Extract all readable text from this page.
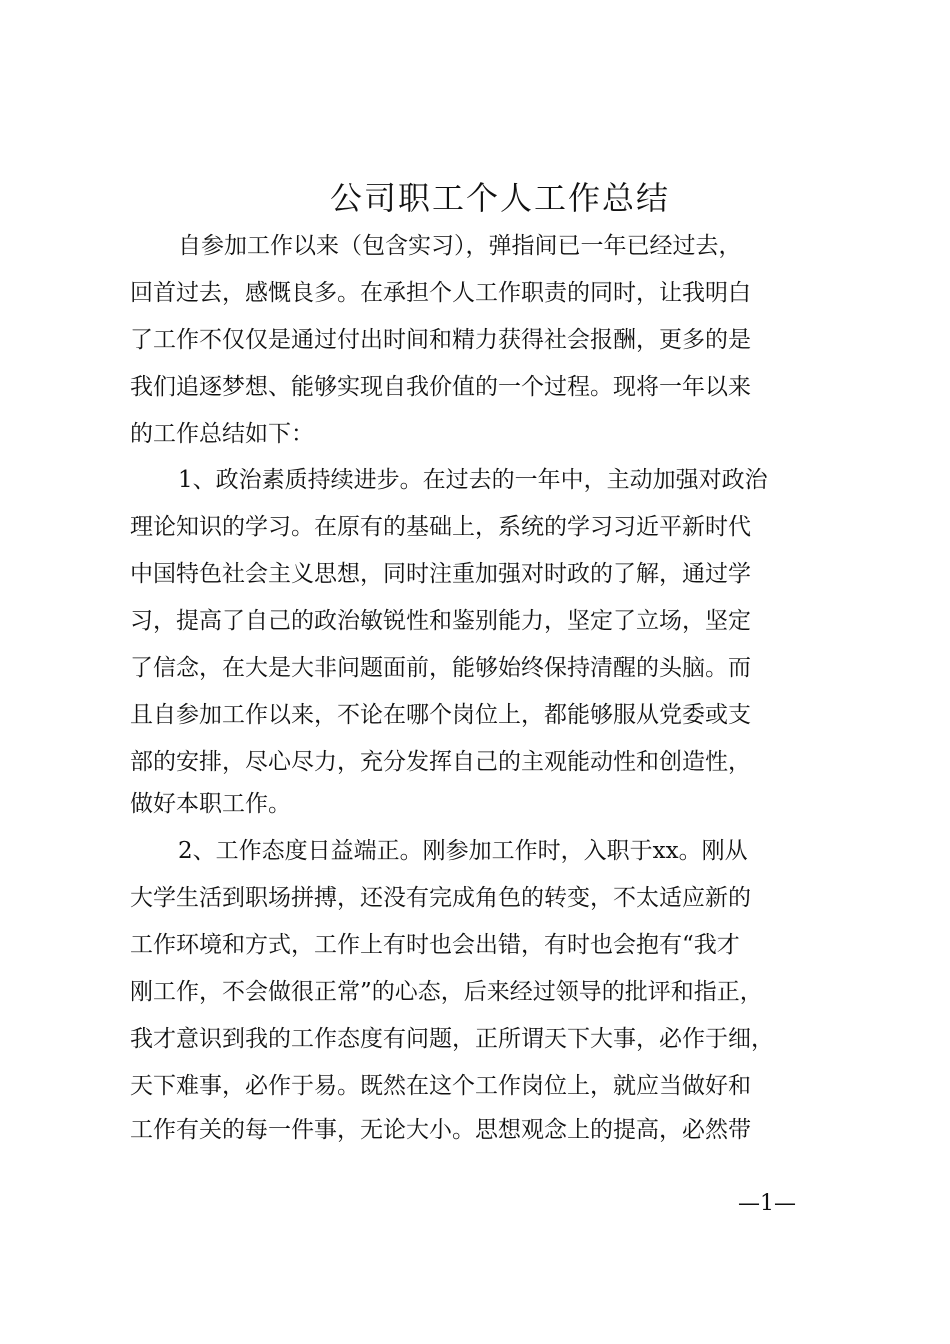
公司职工个人工作总结

自参加工作以来（包含实习），弹指间已一年已经过去，

回首过去，感慨良多。在承担个人工作职责的同时，让我明白

了工作不仅仅是通过付出时间和精力获得社会报酬，更多的是

我们追逐梦想、能够实现自我价值的一个过程。现将一年以来

的工作总结如下：

1、政治素质持续进步。在过去的一年中，主动加强对政治

理论知识的学习。在原有的基础上，系统的学习习近平新时代

中国特色社会主义思想，同时注重加强对时政的了解，通过学

习，提高了自己的政治敏锐性和鉴别能力，坚定了立场，坚定

了信念，在大是大非问题面前，能够始终保持清醒的头脑。而

且自参加工作以来，不论在哪个岗位上，都能够服从党委或支

部的安排，尽心尽力，充分发挥自己的主观能动性和创造性，

做好本职工作。

2、工作态度日益端正。刚参加工作时，入职于xx。刚从

大学生活到职场拼搏，还没有完成角色的转变，不太适应新的

工作环境和方式，工作上有时也会出错，有时也会抱有“我才

刚工作，不会做很正常”的心态，后来经过领导的批评和指正，

我才意识到我的工作态度有问题，正所谓天下大事，必作于细，

天下难事，必作于易。既然在这个工作岗位上，就应当做好和

工作有关的每一件事，无论大小。思想观念上的提高，必然带

—1—
